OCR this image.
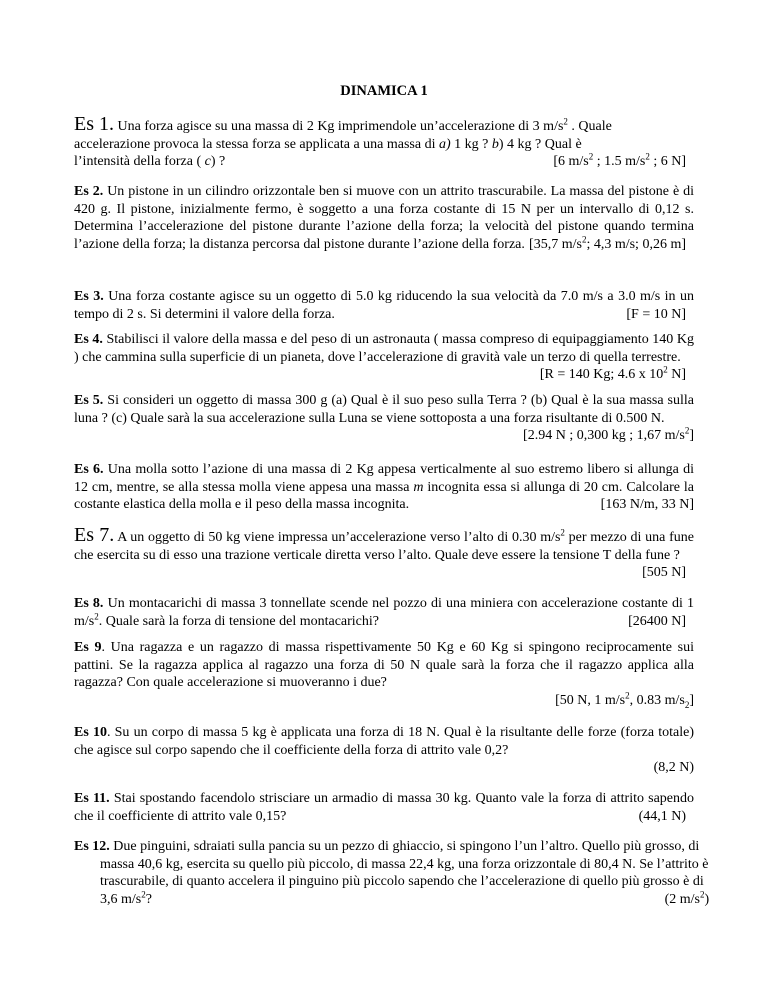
DINAMICA 1
Es 1. Una forza agisce su una massa di 2 Kg imprimendole un’accelerazione di 3 $m/s^2$ . Quale
accelerazione provoca la stessa forza se applicata a una massa di a) 1 kg ? b) 4 kg ? Qual è
l’intensità della forza ( c) ?	[6 $m/s^2$ ; 1.5 $m/s^2$ ; 6 N]
Es 2. Un pistone in un cilindro orizzontale ben si muove con un attrito trascurabile. La massa del pistone è di 420 g. Il pistone, inizialmente fermo, è soggetto a una forza costante di 15 N per un intervallo di 0,12 s. Determina l’accelerazione del pistone durante l’azione della forza; la velocità del pistone quando termina l’azione della forza; la distanza percorsa dal pistone durante l’azione della forza. [35,7 $m/s^2$; 4,3 m/s; 0,26 m]
Es 3. Una forza costante agisce su un oggetto di 5.0 kg riducendo la sua velocità da 7.0 m/s a 3.0 m/s in un tempo di 2 s. Si determini il valore della forza.	[F = 10 N]
Es 4. Stabilisci il valore della massa e del peso di un astronauta ( massa compreso di equipaggiamento 140 Kg ) che cammina sulla superficie di un pianeta, dove l’accelerazione di gravità vale un terzo di quella terrestre.
[R = 140 Kg; 4.6 x $10^2$ N]
Es 5. Si consideri un oggetto di massa 300 g (a) Qual è il suo peso sulla Terra ? (b) Qual è la sua massa sulla luna ? (c) Quale sarà la sua accelerazione sulla Luna se viene sottoposta a una forza risultante di 0.500 N.
[2.94 N ; 0,300 kg ; 1,67 $m/s^2$]
Es 6. Una molla sotto l’azione di una massa di 2 Kg appesa verticalmente al suo estremo libero si allunga di 12 cm, mentre, se alla stessa molla viene appesa una massa m incognita essa si allunga di 20 cm. Calcolare la costante elastica della molla e il peso della massa incognita.	[163 N/m, 33 N]
Es 7. A un oggetto di 50 kg viene impressa un’accelerazione verso l’alto di 0.30 $m/s^2$ per mezzo di una fune che esercita su di esso una trazione verticale diretta verso l’alto. Quale deve essere la tensione T della fune ?
[505 N]
Es 8. Un montacarichi di massa 3 tonnellate scende nel pozzo di una miniera con accelerazione costante di 1 $m/s^2$. Quale sarà la forza di tensione del montacarichi?	[26400 N]
Es 9. Una ragazza e un ragazzo di massa rispettivamente 50 Kg e 60 Kg si spingono reciprocamente sui pattini. Se la ragazza applica al ragazzo una forza di 50 N quale sarà la forza che il ragazzo applica alla ragazza? Con quale accelerazione si muoveranno i due?
[50 N, 1 $m/s^2$, 0.83 $m/s_2$]
Es 10. Su un corpo di massa 5 kg è applicata una forza di 18 N. Qual è la risultante delle forze (forza totale) che agisce sul corpo sapendo che il coefficiente della forza di attrito vale 0,2?
(8,2 N)
Es 11. Stai spostando facendolo strisciare un armadio di massa 30 kg. Quanto vale la forza di attrito sapendo che il coefficiente di attrito vale 0,15?	(44,1 N)
Es 12. Due pinguini, sdraiati sulla pancia su un pezzo di ghiaccio, si spingono l’un l’altro. Quello più grosso, di massa 40,6 kg, esercita su quello più piccolo, di massa 22,4 kg, una forza orizzontale di 80,4 N. Se l’attrito è trascurabile, di quanto accelera il pinguino più piccolo sapendo che l’accelerazione di quello più grosso è di 3,6 $m/s^2$?	(2 $m/s^2$)
